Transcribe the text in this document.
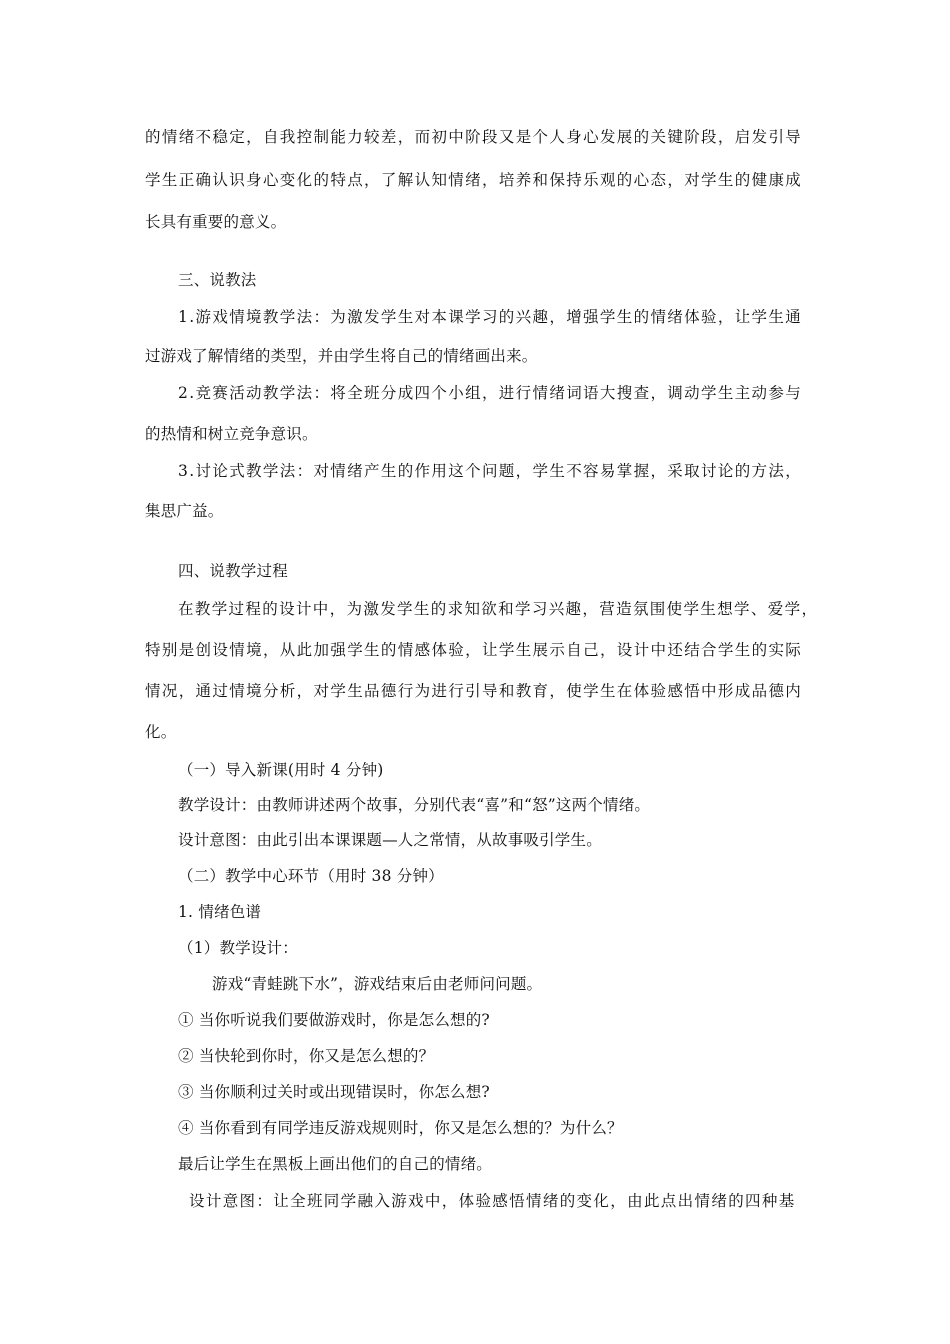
的情绪不稳定，自我控制能力较差，而初中阶段又是个人身心发展的关键阶段，启发引导
学生正确认识身心变化的特点，了解认知情绪，培养和保持乐观的心态，对学生的健康成
长具有重要的意义。
三、说教法
1.游戏情境教学法：为激发学生对本课学习的兴趣，增强学生的情绪体验，让学生通
过游戏了解情绪的类型，并由学生将自己的情绪画出来。
2.竞赛活动教学法：将全班分成四个小组，进行情绪词语大搜查，调动学生主动参与
的热情和树立竞争意识。
3.讨论式教学法：对情绪产生的作用这个问题，学生不容易掌握，采取讨论的方法，
集思广益。
四、说教学过程
在教学过程的设计中，为激发学生的求知欲和学习兴趣，营造氛围使学生想学、爱学，
特别是创设情境，从此加强学生的情感体验，让学生展示自己，设计中还结合学生的实际
情况，通过情境分析，对学生品德行为进行引导和教育，使学生在体验感悟中形成品德内
化。
（一）导入新课(用时 4 分钟)
教学设计：由教师讲述两个故事，分别代表“喜”和“怒”这两个情绪。
设计意图：由此引出本课课题—人之常情，从故事吸引学生。
（二）教学中心环节（用时 38 分钟）
1. 情绪色谱
（1）教学设计：
游戏“青蛙跳下水”，游戏结束后由老师问问题。
① 当你听说我们要做游戏时，你是怎么想的?
② 当快轮到你时，你又是怎么想的？
③ 当你顺利过关时或出现错误时，你怎么想?
④ 当你看到有同学违反游戏规则时，你又是怎么想的？为什么？
最后让学生在黑板上画出他们的自己的情绪。
设计意图：让全班同学融入游戏中，体验感悟情绪的变化，由此点出情绪的四种基
